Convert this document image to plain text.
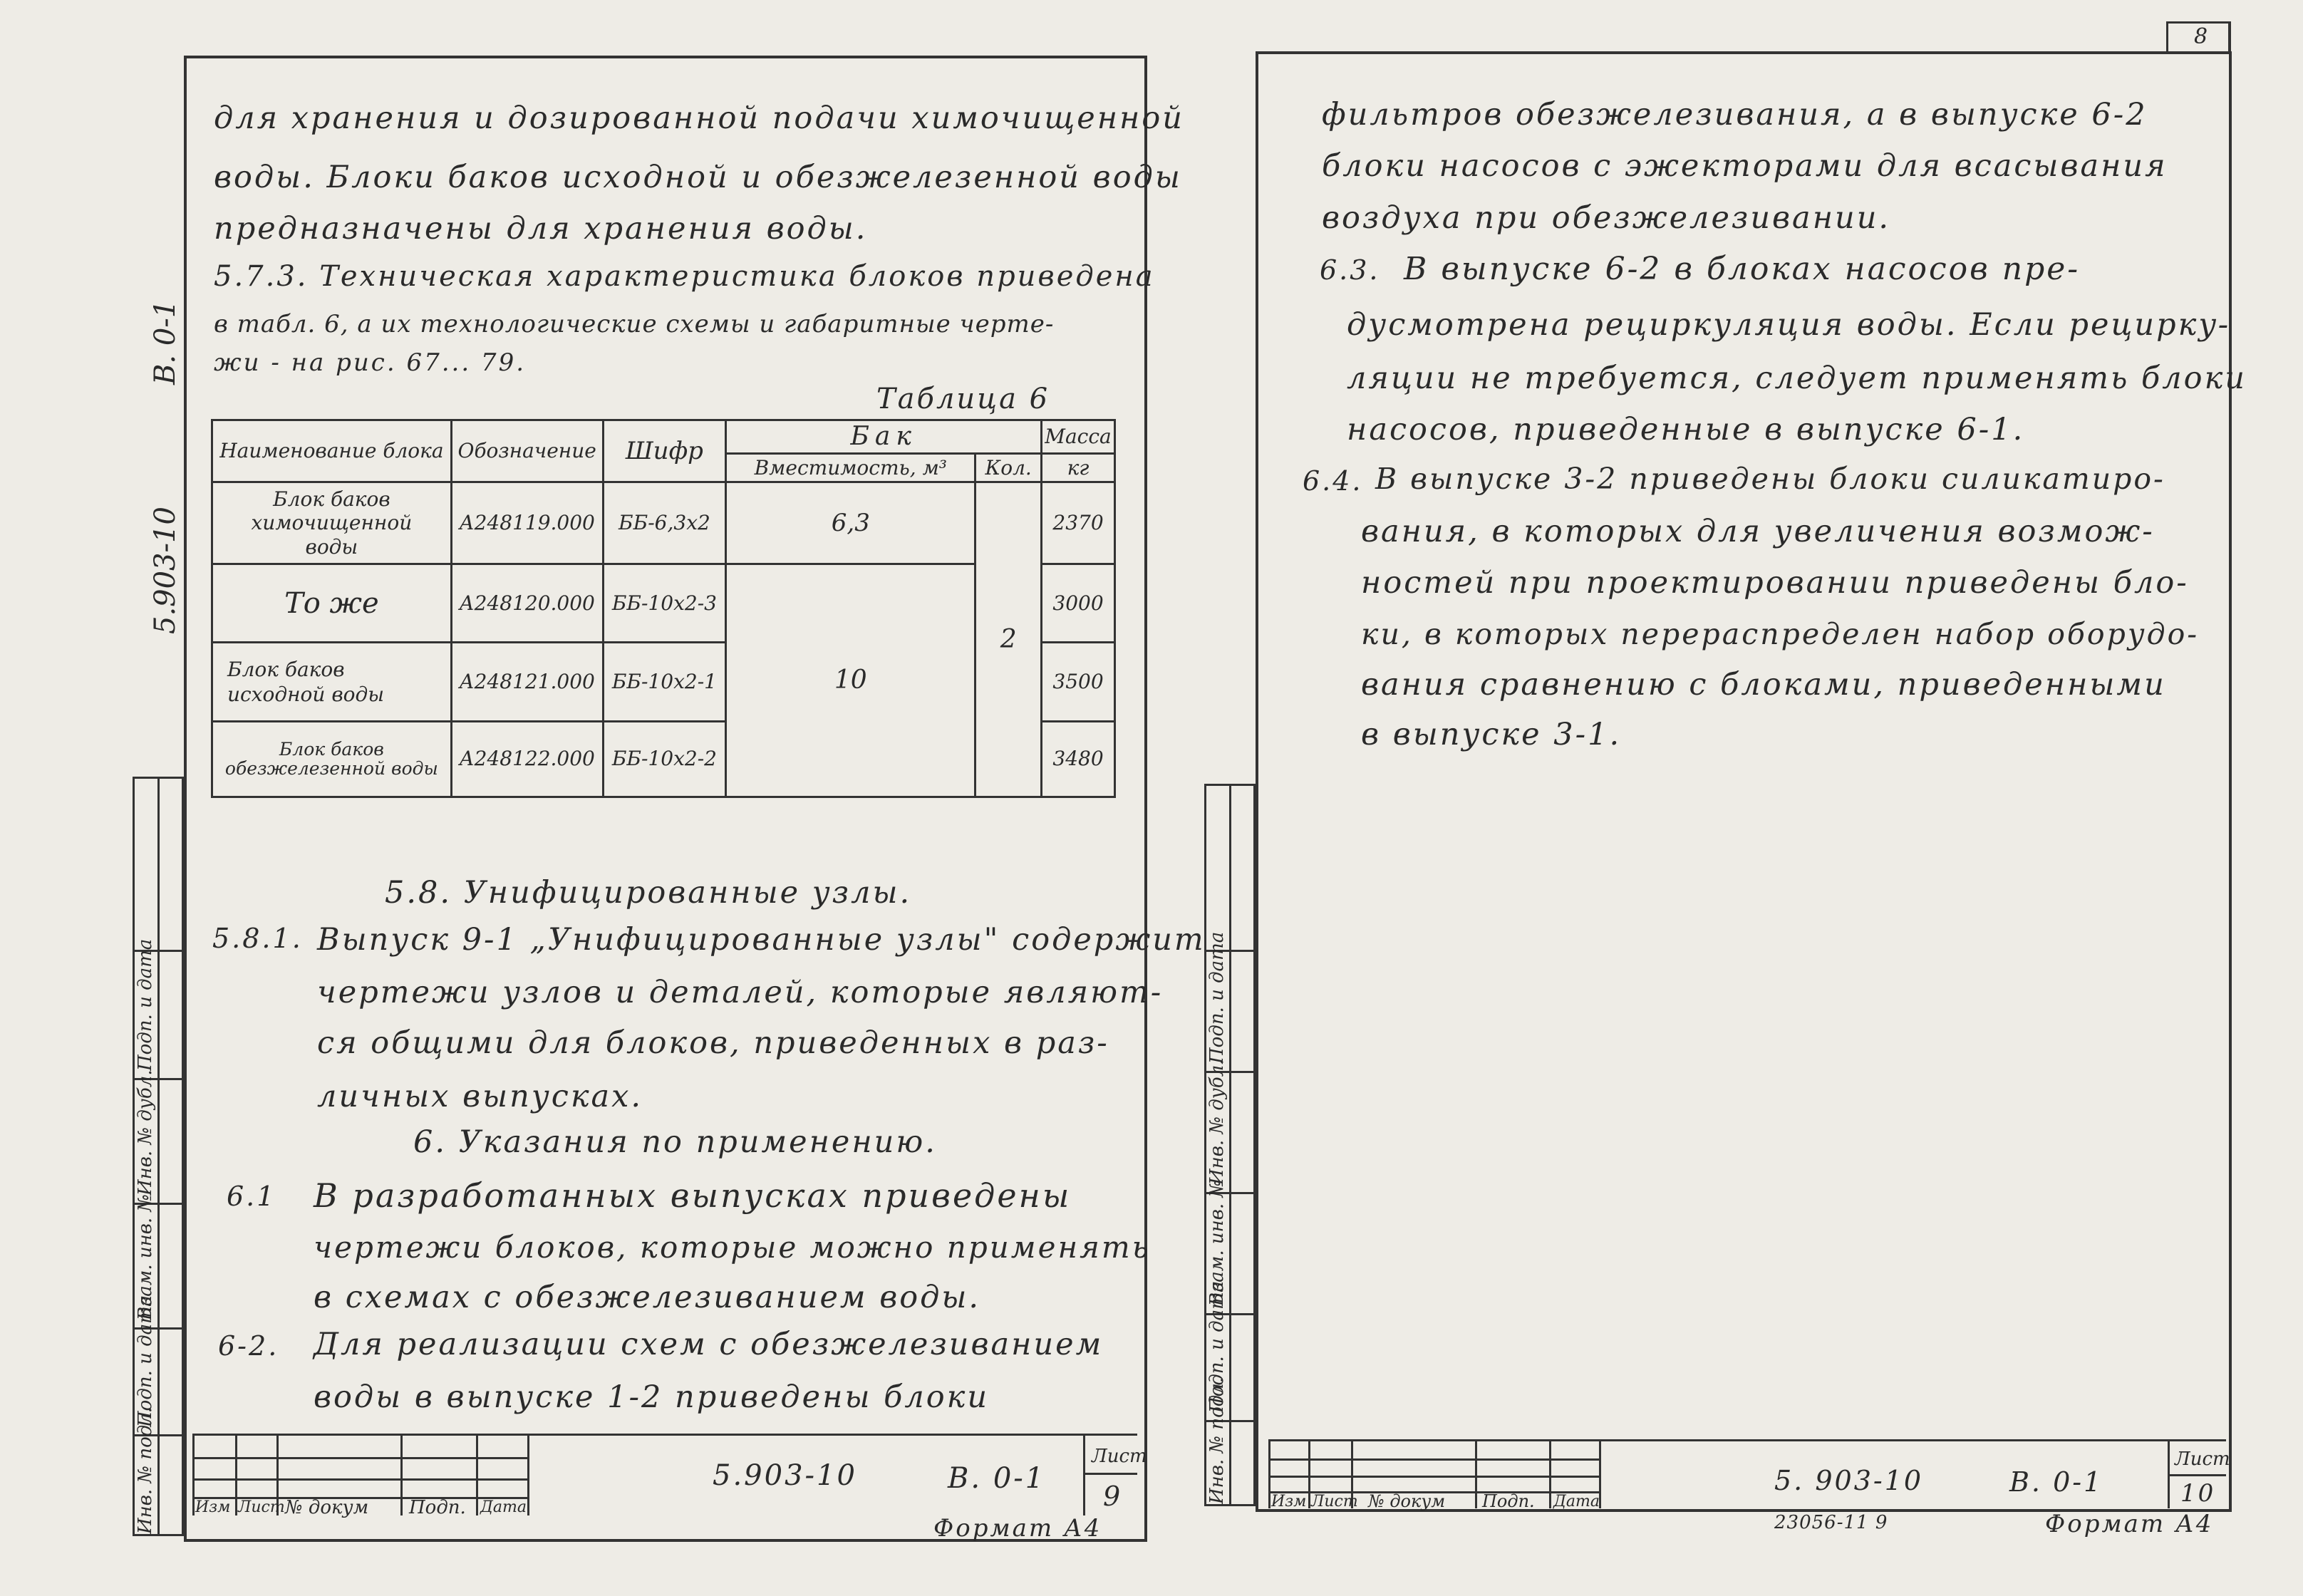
В. 0-1
5.903-10
Инв. № подл.
Подп. и дата
Взам. инв. №
Инв. № дубл.
Подп. и дата
для хранения и дозированной подачи химочищенной
воды. Блоки баков исходной и обезжелезенной воды
предназначены для хранения воды.
5.7.3. Техническая характеристика блоков приведена
в табл. 6, а их технологические схемы и габаритные черте-
жи - на рис. 67... 79.
Таблица 6
Наименование блока	Обозначение	Шифр	Бак		Масса
			Вместимость, м³	Кол.	кг
Блок баков химочищенной воды	А248119.000	ББ-6,3х2	6,3	2	2370
То же	А248120.000	ББ-10х2-3	10		3000
Блок баков исходной воды	А248121.000	ББ-10х2-1			3500
Блок баков обезжелезенной воды	А248122.000	ББ-10х2-2			3480
5.8. Унифицированные узлы.
5.8.1. Выпуск 9-1 „Унифицированные узлы" содержит
чертежи узлов и деталей, которые являют-
ся общими для блоков, приведенных в раз-
личных выпусках.
6. Указания по применению.
6.1 В разработанных выпусках приведены
чертежи блоков, которые можно применять
в схемах с обезжелезиванием воды.
6-2. Для реализации схем с обезжелезиванием
воды в выпуске 1-2 приведены блоки
Изм Лист № докум Подп. Дата
5.903-10	В. 0-1
Лист
9
Формат А4
8
Инв. № подл.
Подп. и дата
Взам. инв. №
Инв. № дубл.
Подп. и дата
фильтров обезжелезивания, а в выпуске 6-2
блоки насосов с эжекторами для всасывания
воздуха при обезжелезивании.
6.3. В выпуске 6-2 в блоках насосов пре-
дусмотрена рециркуляция воды. Если рециркy-
ляции не требуется, следует применять блоки
насосов, приведенные в выпуске 6-1.
6.4. В выпуске 3-2 приведены блоки силикатиро-
вания, в которых для увеличения возмож-
ностей при проектировании приведены бло-
ки, в которых перераспределен набор оборудо-
вания сравнению с блоками, приведенными
в выпуске 3-1.
Изм Лист № докум Подп. Дата
5. 903-10	В. 0-1
Лист
10
23056-11 9	Формат А4
